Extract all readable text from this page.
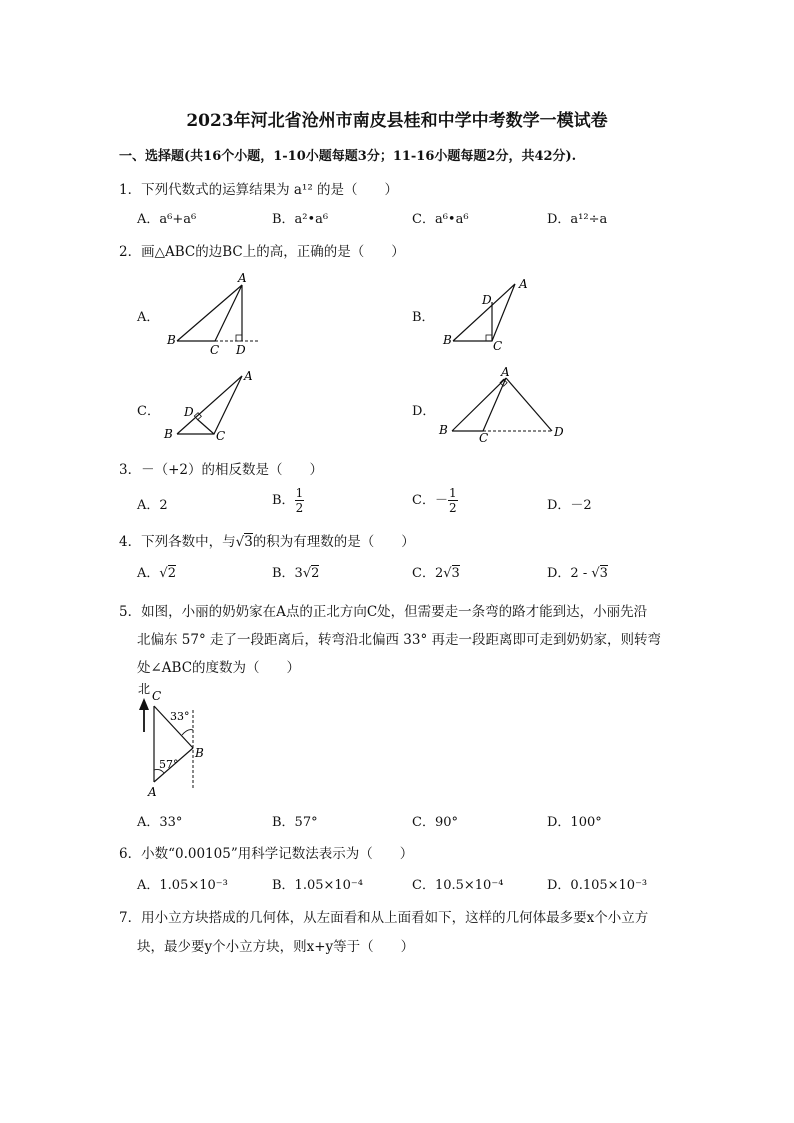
2023年河北省沧州市南皮县桂和中学中考数学一模试卷
一、选择题(共16个小题，1-10小题每题3分；11-16小题每题2分，共42分).
1．下列代数式的运算结果为 a¹² 的是（　　）
A．a⁶+a⁶	B．a²•a⁶	C．a⁶•a⁶	D．a¹²÷a
2．画△ABC的边BC上的高，正确的是（　　）
A．	B．
C．	D．
A
B
C D
A
B	C
D
A
B	C
D
A
B
C	D
3．－（+2）的相反数是（　　）
A．2	B． $\frac{1}{2}$	C．－ $\frac{1}{2}$	D．－2
4．下列各数中，与√3的积为有理数的是（　　）
A．√2	B．3√2	C．2√3	D．2 - √3
5．如图，小丽的奶奶家在A点的正北方向C处，但需要走一条弯的路才能到达，小丽先沿
北偏东 57° 走了一段距离后，转弯沿北偏西 33° 再走一段距离即可走到奶奶家，则转弯
处∠ABC的度数为（　　）
北 C
B
A
33°
57°
A．33°	B．57°	C．90°	D．100°
6．小数“0.00105”用科学记数法表示为（　　）
A．1.05×10⁻³	B．1.05×10⁻⁴	C．10.5×10⁻⁴	D．0.105×10⁻³
7．用小立方块搭成的几何体，从左面看和从上面看如下，这样的几何体最多要x个小立方
块，最少要y个小立方块，则x+y等于（　　）
